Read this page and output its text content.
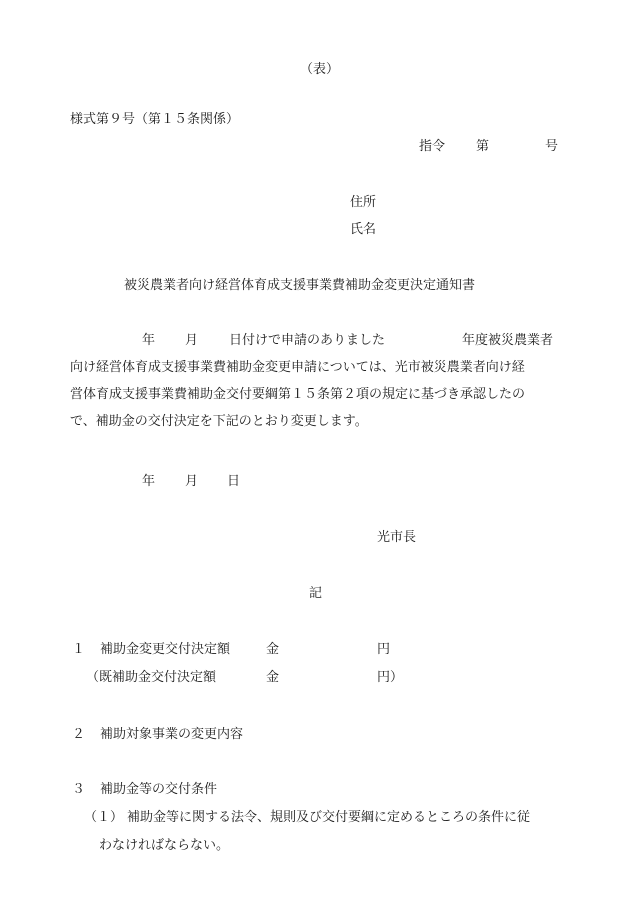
（表）
様式第９号（第１５条関係）
指令 第	号
住所
氏名
被災農業者向け経営体育成支援事業費補助金変更決定通知書
年 月 日付けで申請のありました	年度被災農業者
向け経営体育成支援事業費補助金変更申請については、光市被災農業者向け経
営体育成支援事業費補助金交付要綱第１５条第２項の規定に基づき承認したの
で、補助金の交付決定を下記のとおり変更します。
年 月 日
光市長
記
１ 補助金変更交付決定額	金	円
（既補助金交付決定額	金	円）
２ 補助対象事業の変更内容
３ 補助金等の交付条件
（１） 補助金等に関する法令、規則及び交付要綱に定めるところの条件に従
わなければならない。
